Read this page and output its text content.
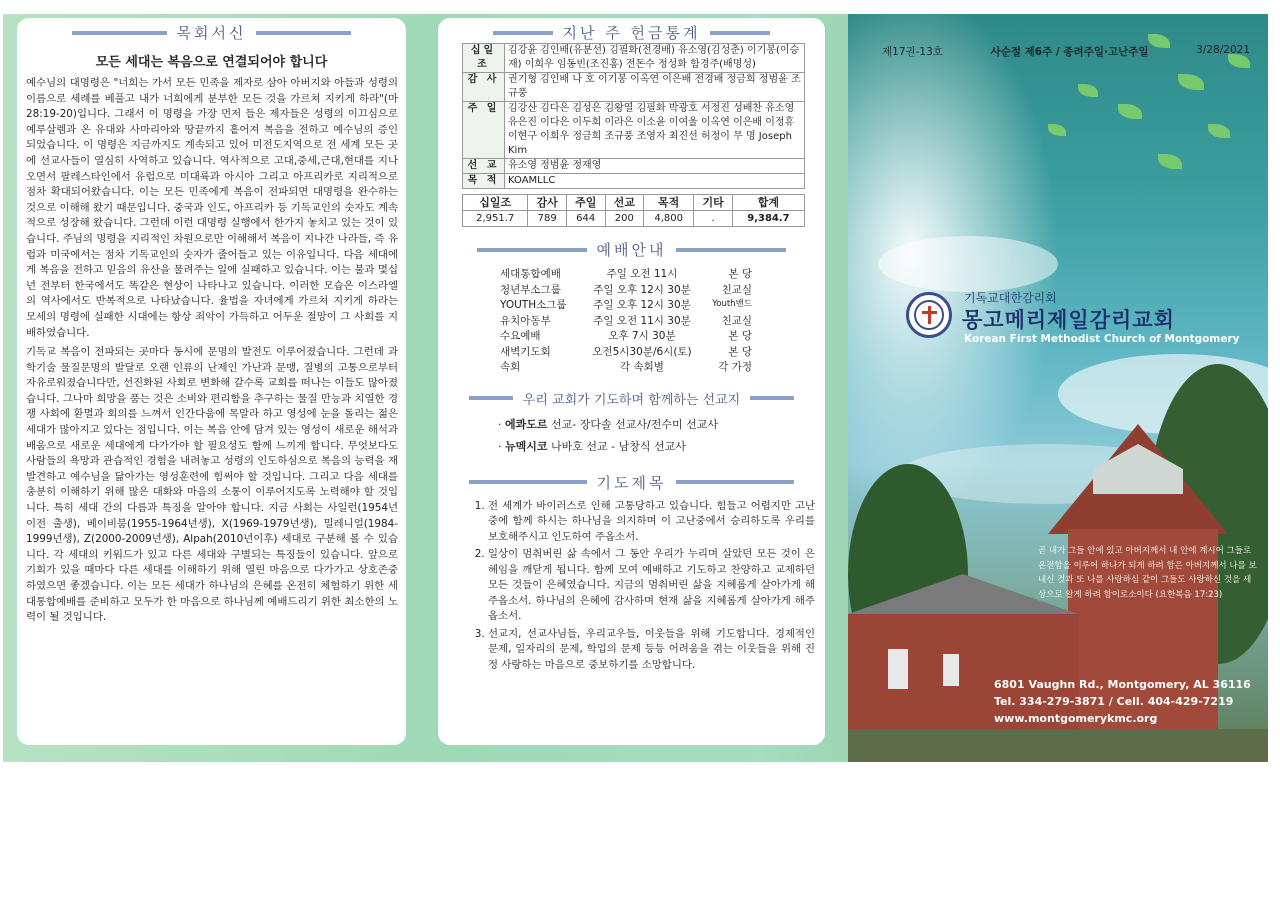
목회서신
모든 세대는 복음으로 연결되어야 합니다

예수님의 대명령은 "너희는 가서 모든 민족을 제자로 삼아 아버지와 아들과 성령의 이름으로 세례를 베풀고 내가 너희에게 분부한 모든 것을 가르쳐 지키게 하라"(마 28:19-20)입니다. 그래서 이 명령을 가장 먼저 들은 제자들은 성령의 이끄심으로 예루살렘과 온 유대와 사마리아와 땅끝까지 흩어져 복음을 전하고 예수님의 증인 되었습니다. 이 명령은 지금까지도 계속되고 있어 미전도지역으로 전 세계 모든 곳에 선교사들이 열심히 사역하고 있습니다. 역사적으로 고대,중세,근대,현대를 지나오면서 팔레스타인에서 유럽으로 미대륙과 아시아 그리고 아프리카로 지리적으로 점차 확대되어왔습니다. 이는 모든 민족에게 복음이 전파되면 대명령을 완수하는 것으로 이해해 왔기 때문입니다. 중국과 인도, 아프리카 등 기독교인의 숫자도 계속적으로 성장해 왔습니다. 그런데 이런 대명령 실행에서 한가지 놓치고 있는 것이 있습니다. 주님의 명령을 지리적인 차원으로만 이해해서 복음이 지나간 나라들, 즉 유럽과 미국에서는 점차 기독교인의 숫자가 줄어들고 있는 이유입니다. 다음 세대에게 복음을 전하고 믿음의 유산을 물려주는 일에 실패하고 있습니다. 이는 불과 몇십년 전부터 한국에서도 똑같은 현상이 나타나고 있습니다. 이러한 모습은 이스라엘의 역사에서도 반복적으로 나타났습니다. 율법을 자녀에게 가르쳐 지키게 하라는 모세의 명령에 실패한 시대에는 항상 죄악이 가득하고 어두운 절망이 그 사회를 지배하였습니다.

기독교 복음이 전파되는 곳마다 동시에 문명의 발전도 이루어졌습니다. 그런데 과학기술 물질문명의 발달로 오랜 인류의 난제인 가난과 문맹, 질병의 고통으로부터 자유로워졌습니다만, 선진화된 사회로 변화해 갈수록 교회를 떠나는 이들도 많아졌습니다. 그나마 희망을 품는 것은 소비와 편리함을 추구하는 물질 만능과 치열한 경쟁 사회에 환멸과 회의를 느껴서 인간다움에 목말라 하고 영성에 눈을 돌리는 젊은 세대가 많아지고 있다는 점입니다. 이는 복음 안에 담겨 있는 영성이 새로운 해석과 배움으로 새로운 세대에게 다가가야 할 필요성도 함께 느끼게 합니다. 무엇보다도 사람들의 욕망과 관습적인 경험을 내려놓고 성령의 인도하심으로 복음의 능력을 재발견하고 예수님을 닮아가는 영성훈련에 힘써야 할 것입니다. 그리고 다음 세대를 충분히 이해하기 위해 많은 대화와 마음의 소통이 이루어지도록 노력해야 할 것입니다. 특히 세대 간의 다름과 특징을 알아야 합니다. 지금 사회는 사일런(1954년 이전 출생), 베이비붐(1955-1964년생), X(1969-1979년생), 밀레니얼(1984-1999년생), Z(2000-2009년생), Alpah(2010년이후) 세대로 구분해 볼 수 있습니다. 각 세대의 키워드가 있고 다른 세대와 구별되는 특징들이 있습니다. 앞으로 기회가 있을 때마다 다른 세대를 이해하기 위해 열린 마음으로 다가가고 상호존중하였으면 좋겠습니다. 이는 모든 세대가 하나님의 은혜를 온전히 체험하기 위한 세대통합예배를 준비하고 모두가 한 마음으로 하나님께 예배드리기 위한 최소한의 노력이 될 것입니다.

지난 주 헌금통계
십일조	김강윤 김인배(유분선) 김필화(전경배) 유소영(김성춘) 이기봉(이승재) 이희우 임동빈(조진홍) 전돈수 정성화 함경주(배명성)
감 사	권기형 김인배 나 호 이기봉 이옥연 이은배 전경배 정금희 정범윤 조규풍
주 일	김강산 김다은 김성은 김왕열 김필화 박광호 서정진 성배찬 유소영 유은진 이다은 이두희 이라은 이소윤 이여울 이옥연 이은배 이정휴 이현구 이희우 정금희 조규풍 조영자 최진선 허정이 무 명 Joseph Kim
선 교	유소영 정범윤 정재영
목 적	KOAMLLC
십일조	감사	주일	선교	목적	기타	합계
2,951.7	789	644	200	4,800	.	9,384.7
예배안내
세대통합예배	주일 오전 11시	본 당
청년부소그룹	주일 오후 12시 30분	친교실
YOUTH소그룹	주일 오후 12시 30분	Youth밴드
유치아동부	주일 오전 11시 30분	친교실
수요예배	오후 7시 30분	본 당
새벽기도회	오전5시30분/6시(토)	본 당
속회	각 속회별	각 가정
우리 교회가 기도하며 함께하는 선교지
· 에콰도르 선교- 장다솔 선교사/전수미 선교사
· 뉴멕시코 나바호 선교 - 남창식 선교사
기도제목
1. 전 세계가 바이러스로 인해 고통당하고 있습니다. 힘들고 어렵지만 고난 중에 함께 하시는 하나님을 의지하며 이 고난중에서 승리하도록 우리를 보호해주시고 인도하여 주옵소서.
2. 일상이 멈춰버린 삶 속에서 그 동안 우리가 누리며 살았던 모든 것이 은혜임을 깨닫게 됩니다. 함께 모여 예배하고 기도하고 찬양하고 교제하던 모든 것들이 은혜였습니다. 지금의 멈춰버린 삶을 지혜롭게 살아가게 해주옵소서. 하나님의 은혜에 감사하며 현재 삶을 지혜롭게 살아가게 해주옵소서.
3. 선교지, 선교사님들, 우리교우들, 이웃들을 위해 기도합니다. 경제적인 문제, 일자리의 문제, 학업의 문제 등등 어려움을 겪는 이웃들을 위해 진정 사랑하는 마음으로 중보하기를 소망합니다.
제17권-13호	사순절 제6주 / 종려주일·고난주일	3/28/2021
기독교대한감리회
몽고메리제일감리교회
Korean First Methodist Church of Montgomery
곧 내가 그들 안에 있고 아버지께서 내 안에 계시어 그들로 온전함을 이루어 하나가 되게 하려 함은 아버지께서 나를 보내신 것과 또 나를 사랑하심 같이 그들도 사랑하신 것을 세상으로 알게 하려 함이로소이다 (요한복음 17:23)
6801 Vaughn Rd., Montgomery, AL 36116
Tel. 334-279-3871 / Cell. 404-429-7219
www.montgomerykmc.org
